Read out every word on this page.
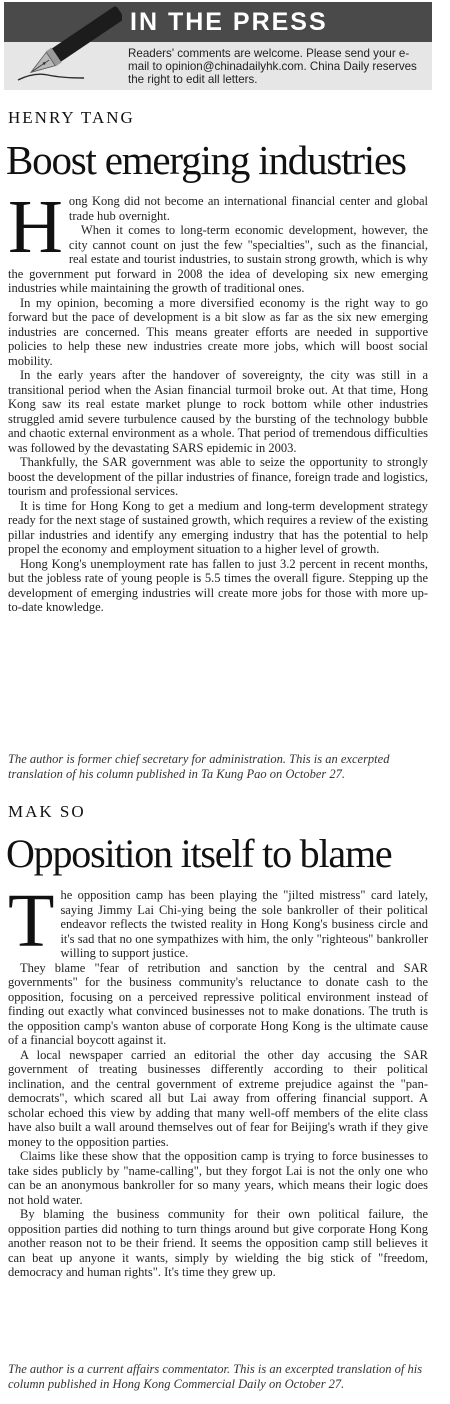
IN THE PRESS
Readers' comments are welcome. Please send your e-mail to opinion@chinadailyhk.com. China Daily reserves the right to edit all letters.
HENRY TANG
Boost emerging industries

Hong Kong did not become an international financial center and global trade hub overnight.

When it comes to long-term economic development, however, the city cannot count on just the few "specialties", such as the financial, real estate and tourist industries, to sustain strong growth, which is why the government put forward in 2008 the idea of developing six new emerging industries while maintaining the growth of traditional ones.

In my opinion, becoming a more diversified economy is the right way to go forward but the pace of development is a bit slow as far as the six new emerging industries are concerned. This means greater efforts are needed in supportive policies to help these new industries create more jobs, which will boost social mobility.

In the early years after the handover of sovereignty, the city was still in a transitional period when the Asian financial turmoil broke out. At that time, Hong Kong saw its real estate market plunge to rock bottom while other industries struggled amid severe turbulence caused by the bursting of the technology bubble and chaotic external environment as a whole. That period of tremendous difficulties was followed by the devastating SARS epidemic in 2003.

Thankfully, the SAR government was able to seize the opportunity to strongly boost the development of the pillar industries of finance, foreign trade and logistics, tourism and professional services.

It is time for Hong Kong to get a medium and long-term development strategy ready for the next stage of sustained growth, which requires a review of the existing pillar industries and identify any emerging industry that has the potential to help propel the economy and employment situation to a higher level of growth.

Hong Kong's unemployment rate has fallen to just 3.2 percent in recent months, but the jobless rate of young people is 5.5 times the overall figure. Stepping up the development of emerging industries will create more jobs for those with more up-to-date knowledge.

The author is former chief secretary for administration. This is an excerpted translation of his column published in Ta Kung Pao on October 27.
MAK SO
Opposition itself to blame

The opposition camp has been playing the "jilted mistress" card lately, saying Jimmy Lai Chi-ying being the sole bankroller of their political endeavor reflects the twisted reality in Hong Kong's business circle and it's sad that no one sympathizes with him, the only "righteous" bankroller willing to support justice.

They blame "fear of retribution and sanction by the central and SAR governments" for the business community's reluctance to donate cash to the opposition, focusing on a perceived repressive political environment instead of finding out exactly what convinced businesses not to make donations. The truth is the opposition camp's wanton abuse of corporate Hong Kong is the ultimate cause of a financial boycott against it.

A local newspaper carried an editorial the other day accusing the SAR government of treating businesses differently according to their political inclination, and the central government of extreme prejudice against the "pan-democrats", which scared all but Lai away from offering financial support. A scholar echoed this view by adding that many well-off members of the elite class have also built a wall around themselves out of fear for Beijing's wrath if they give money to the opposition parties.

Claims like these show that the opposition camp is trying to force businesses to take sides publicly by "name-calling", but they forgot Lai is not the only one who can be an anonymous bankroller for so many years, which means their logic does not hold water.

By blaming the business community for their own political failure, the opposition parties did nothing to turn things around but give corporate Hong Kong another reason not to be their friend. It seems the opposition camp still believes it can beat up anyone it wants, simply by wielding the big stick of "freedom, democracy and human rights". It's time they grew up.

The author is a current affairs commentator. This is an excerpted translation of his column published in Hong Kong Commercial Daily on October 27.
